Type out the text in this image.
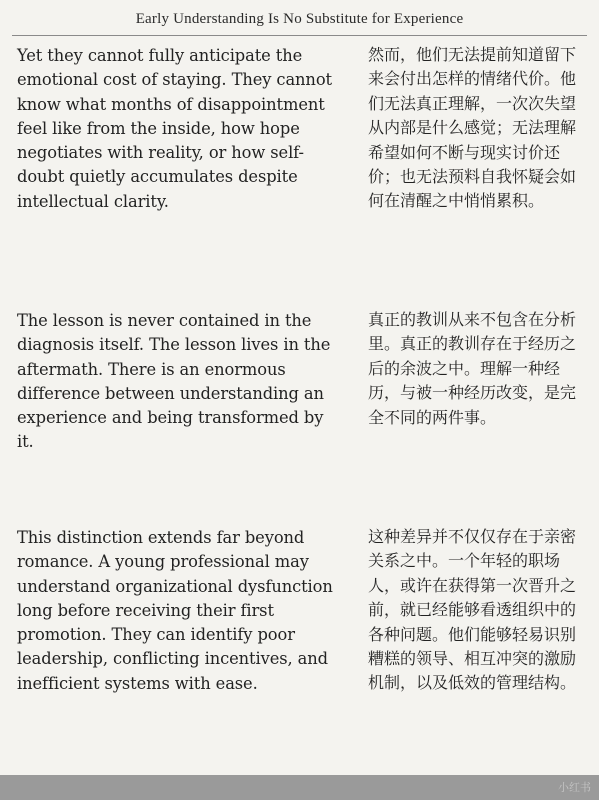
Early Understanding Is No Substitute for Experience
Yet they cannot fully anticipate the emotional cost of staying. They cannot know what months of disappointment feel like from the inside, how hope negotiates with reality, or how self-doubt quietly accumulates despite intellectual clarity.
然而，他们无法提前知道留下来会付出怎样的情绪代价。他们无法真正理解，一次次失望从内部是什么感觉；无法理解希望如何不断与现实讨价还价；也无法预料自我怀疑会如何在清醒之中悄悄累积。
The lesson is never contained in the diagnosis itself. The lesson lives in the aftermath. There is an enormous difference between understanding an experience and being transformed by it.
真正的教训从来不包含在分析里。真正的教训存在于经历之后的余波之中。理解一种经历，与被一种经历改变，是完全不同的两件事。
This distinction extends far beyond romance. A young professional may understand organizational dysfunction long before receiving their first promotion. They can identify poor leadership, conflicting incentives, and inefficient systems with ease.
这种差异并不仅仅存在于亲密关系之中。一个年轻的职场人，或许在获得第一次晋升之前，就已经能够看透组织中的各种问题。他们能够轻易识别糟糕的领导、相互冲突的激励机制，以及低效的管理结构。
小红书
